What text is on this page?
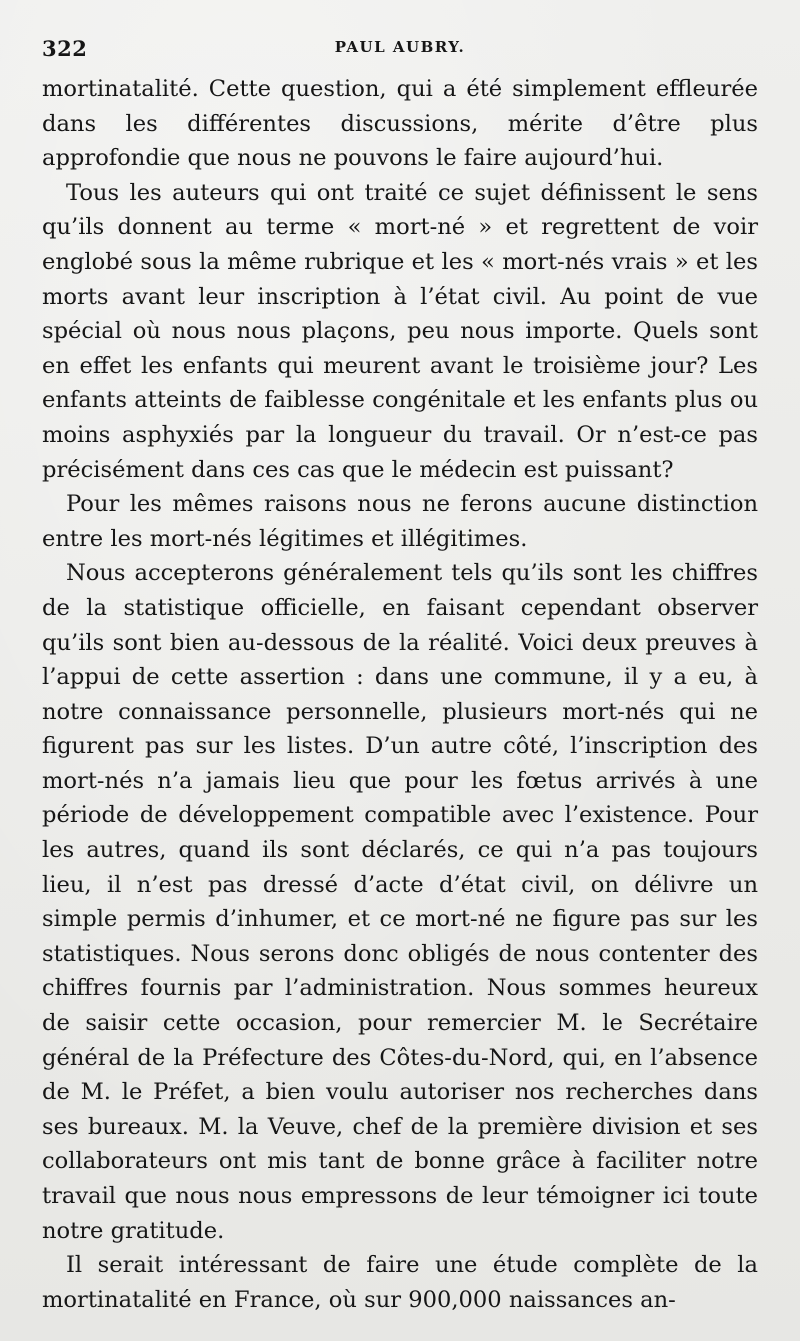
322	PAUL AUBRY.

mortinatalité. Cette question, qui a été simplement effleurée dans les différentes discussions, mérite d’être plus approfondie que nous ne pouvons le faire aujourd’hui.

Tous les auteurs qui ont traité ce sujet définissent le sens qu’ils donnent au terme « mort-né » et regrettent de voir englobé sous la même rubrique et les « mort-nés vrais » et les morts avant leur inscription à l’état civil. Au point de vue spécial où nous nous plaçons, peu nous importe. Quels sont en effet les enfants qui meurent avant le troisième jour? Les enfants atteints de faiblesse congénitale et les enfants plus ou moins asphyxiés par la longueur du travail. Or n’est-ce pas précisément dans ces cas que le médecin est puissant?

Pour les mêmes raisons nous ne ferons aucune distinction entre les mort-nés légitimes et illégitimes.

Nous accepterons généralement tels qu’ils sont les chiffres de la statistique officielle, en faisant cependant observer qu’ils sont bien au-dessous de la réalité. Voici deux preuves à l’appui de cette assertion : dans une commune, il y a eu, à notre connaissance personnelle, plusieurs mort-nés qui ne figurent pas sur les listes. D’un autre côté, l’inscription des mort-nés n’a jamais lieu que pour les fœtus arrivés à une période de développement compatible avec l’existence. Pour les autres, quand ils sont déclarés, ce qui n’a pas toujours lieu, il n’est pas dressé d’acte d’état civil, on délivre un simple permis d’inhumer, et ce mort-né ne figure pas sur les statistiques. Nous serons donc obligés de nous contenter des chiffres fournis par l’administration. Nous sommes heureux de saisir cette occasion, pour remercier M. le Secrétaire général de la Préfecture des Côtes-du-Nord, qui, en l’absence de M. le Préfet, a bien voulu autoriser nos recherches dans ses bureaux. M. la Veuve, chef de la première division et ses collaborateurs ont mis tant de bonne grâce à faciliter notre travail que nous nous empressons de leur témoigner ici toute notre gratitude.

Il serait intéressant de faire une étude complète de la mortinatalité en France, où sur 900,000 naissances an-
